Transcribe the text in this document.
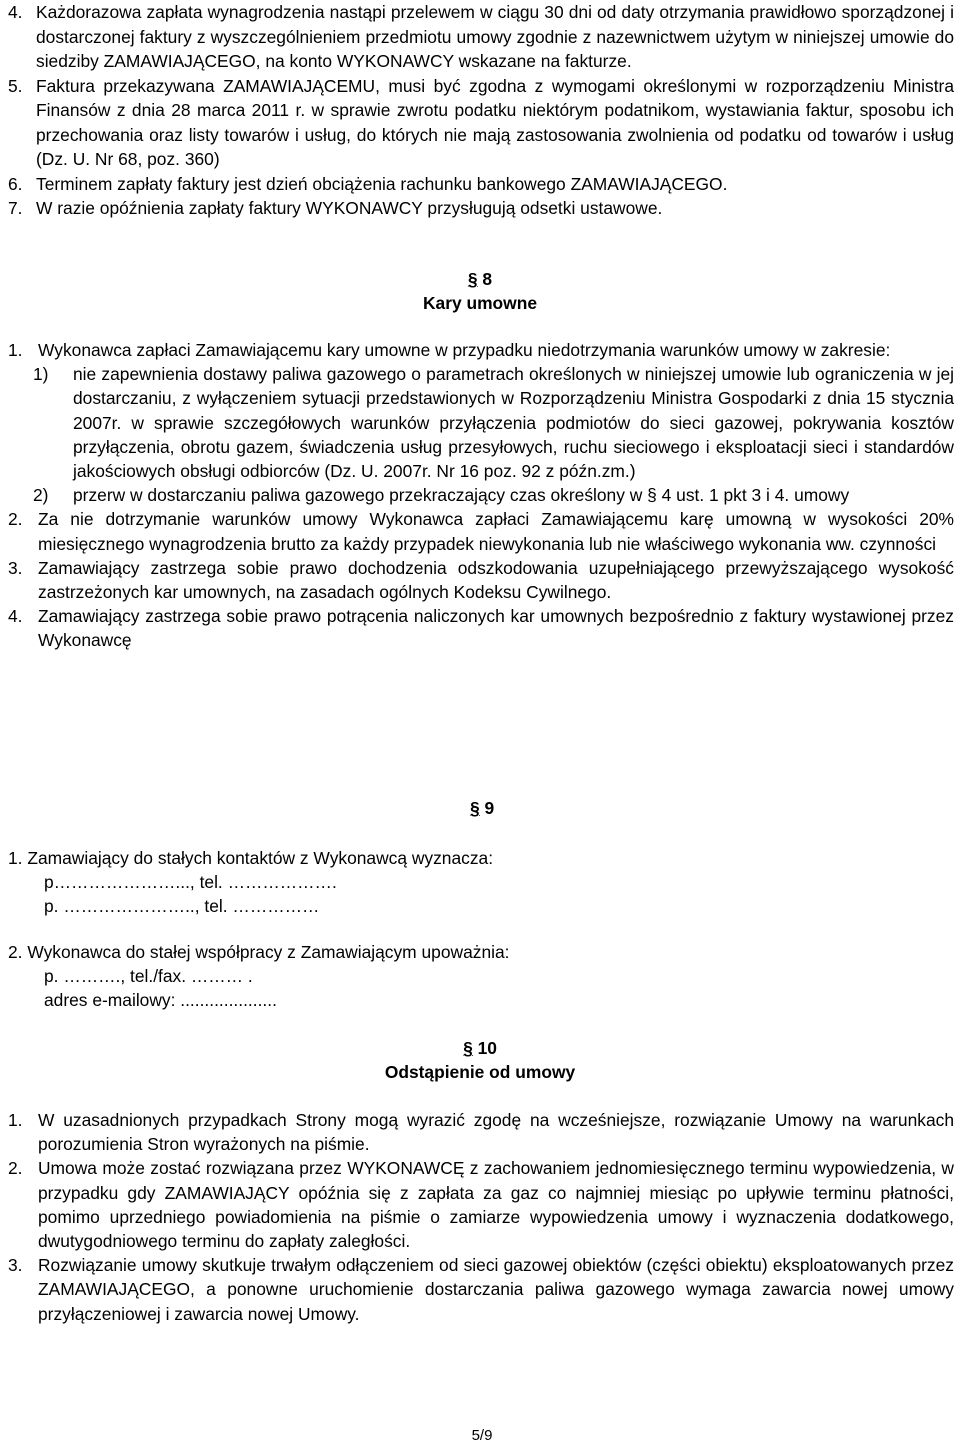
4. Każdorazowa zapłata wynagrodzenia nastąpi przelewem w ciągu 30 dni od daty otrzymania prawidłowo sporządzonej i dostarczonej faktury z wyszczególnieniem przedmiotu umowy zgodnie z nazewnictwem użytym w niniejszej umowie do siedziby ZAMAWIAJĄCEGO, na konto WYKONAWCY wskazane na fakturze.
5. Faktura przekazywana ZAMAWIAJĄCEMU, musi być zgodna z wymogami określonymi w rozporządzeniu Ministra Finansów z dnia 28 marca 2011 r. w sprawie zwrotu podatku niektórym podatnikom, wystawiania faktur, sposobu ich przechowania oraz listy towarów i usług, do których nie mają zastosowania zwolnienia od podatku od towarów i usług (Dz. U. Nr 68, poz. 360)
6. Terminem zapłaty faktury jest dzień obciążenia rachunku bankowego ZAMAWIAJĄCEGO.
7. W razie opóźnienia zapłaty faktury WYKONAWCY przysługują odsetki ustawowe.
§ 8
Kary umowne
1. Wykonawca zapłaci Zamawiającemu kary umowne w przypadku niedotrzymania warunków umowy w zakresie:
1)	nie zapewnienia dostawy paliwa gazowego o parametrach określonych w niniejszej umowie lub ograniczenia w jej dostarczaniu, z wyłączeniem sytuacji przedstawionych w Rozporządzeniu Ministra Gospodarki z dnia 15 stycznia 2007r. w sprawie szczegółowych warunków przyłączenia podmiotów do sieci gazowej, pokrywania kosztów przyłączenia, obrotu gazem, świadczenia usług przesyłowych, ruchu sieciowego i eksploatacji sieci i standardów jakościowych obsługi odbiorców (Dz. U. 2007r. Nr 16 poz. 92 z późn.zm.)
2)	przerw w dostarczaniu paliwa gazowego przekraczający czas określony w § 4 ust. 1 pkt 3 i 4. umowy
2. Za nie dotrzymanie warunków umowy Wykonawca zapłaci Zamawiającemu karę umowną w wysokości 20% miesięcznego wynagrodzenia brutto za każdy przypadek niewykonania lub nie właściwego wykonania ww. czynności
3. Zamawiający zastrzega sobie prawo dochodzenia odszkodowania uzupełniającego przewyższającego wysokość zastrzeżonych kar umownych, na zasadach ogólnych Kodeksu Cywilnego.
4. Zamawiający zastrzega sobie prawo potrącenia naliczonych kar umownych bezpośrednio z faktury wystawionej przez Wykonawcę
§ 9
1. Zamawiający do stałych kontaktów z Wykonawcą wyznacza:
p…………………..., tel. ……………….
p. ………………….., tel. ……………
2. Wykonawca do stałej współpracy z Zamawiającym upoważnia:
p. ………., tel./fax. ……… .
adres e-mailowy: ....................
§ 10
Odstąpienie od umowy
1. W uzasadnionych przypadkach Strony mogą wyrazić zgodę na wcześniejsze, rozwiązanie Umowy na warunkach porozumienia Stron wyrażonych na piśmie.
2. Umowa może zostać rozwiązana przez WYKONAWCĘ z zachowaniem jednomiesięcznego terminu wypowiedzenia, w przypadku gdy ZAMAWIAJĄCY opóźnia się z zapłata za gaz co najmniej miesiąc po upływie terminu płatności, pomimo uprzedniego powiadomienia na piśmie o zamiarze wypowiedzenia umowy i wyznaczenia dodatkowego, dwutygodniowego terminu do zapłaty zaległości.
3. Rozwiązanie umowy skutkuje trwałym odłączeniem od sieci gazowej obiektów (części obiektu) eksploatowanych przez ZAMAWIAJĄCEGO, a ponowne uruchomienie dostarczania paliwa gazowego wymaga zawarcia nowej umowy przyłączeniowej i zawarcia nowej Umowy.
5/9
